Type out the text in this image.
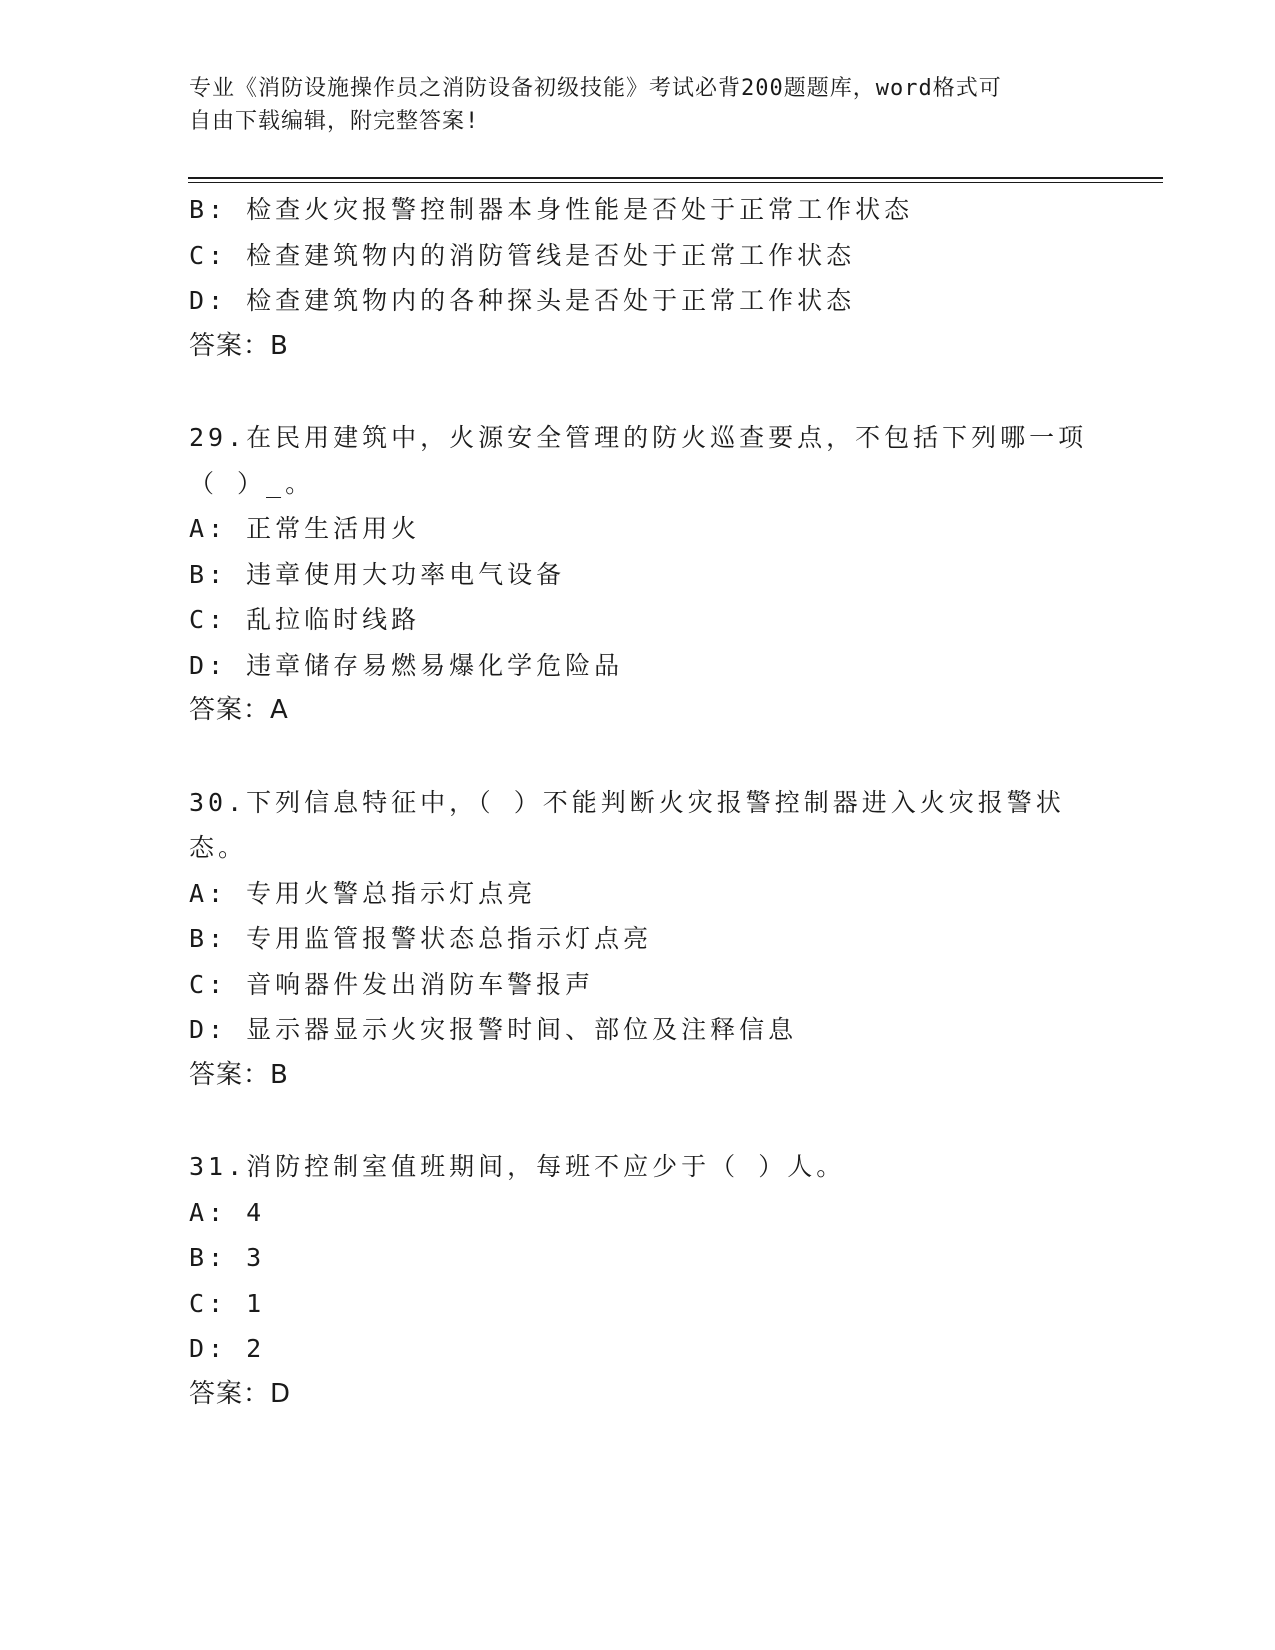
专业《消防设施操作员之消防设备初级技能》考试必背200题题库，word格式可
自由下载编辑，附完整答案!
B: 检查火灾报警控制器本身性能是否处于正常工作状态
C: 检查建筑物内的消防管线是否处于正常工作状态
D: 检查建筑物内的各种探头是否处于正常工作状态
答案：B
29.在民用建筑中，火源安全管理的防火巡查要点，不包括下列哪一项（ ）_。
A: 正常生活用火
B: 违章使用大功率电气设备
C: 乱拉临时线路
D: 违章储存易燃易爆化学危险品
答案：A
30.下列信息特征中，（ ）不能判断火灾报警控制器进入火灾报警状态。
A: 专用火警总指示灯点亮
B: 专用监管报警状态总指示灯点亮
C: 音响器件发出消防车警报声
D: 显示器显示火灾报警时间、部位及注释信息
答案：B
31.消防控制室值班期间，每班不应少于（ ）人。
A: 4
B: 3
C: 1
D: 2
答案：D
